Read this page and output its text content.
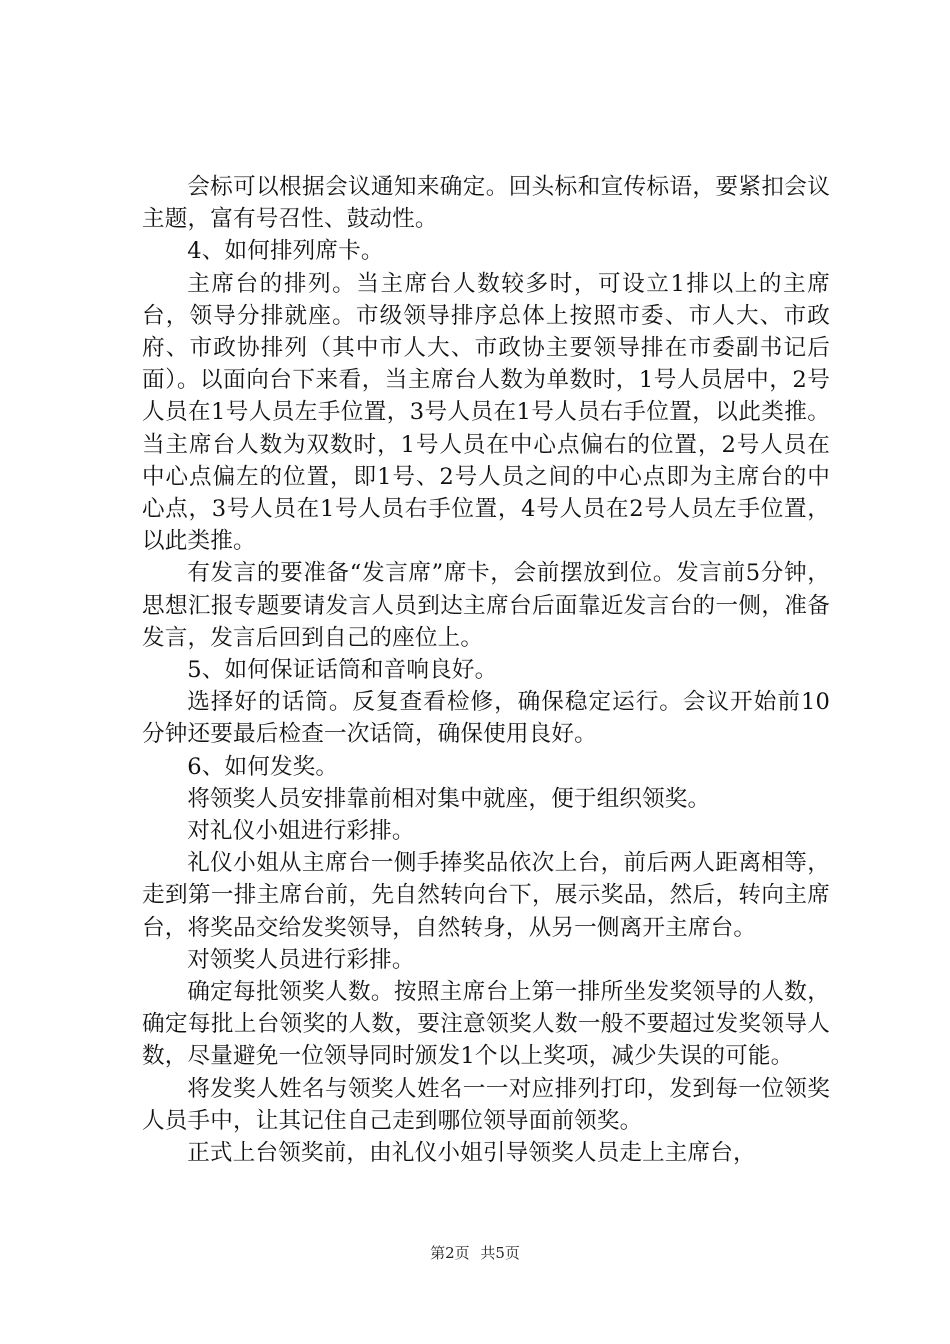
会标可以根据会议通知来确定。回头标和宣传标语，要紧扣会议主题，富有号召性、鼓动性。

4、如何排列席卡。

主席台的排列。当主席台人数较多时，可设立1排以上的主席台，领导分排就座。市级领导排序总体上按照市委、市人大、市政府、市政协排列（其中市人大、市政协主要领导排在市委副书记后面）。以面向台下来看，当主席台人数为单数时，1号人员居中，2号人员在1号人员左手位置，3号人员在1号人员右手位置，以此类推。当主席台人数为双数时，1号人员在中心点偏右的位置，2号人员在中心点偏左的位置，即1号、2号人员之间的中心点即为主席台的中心点，3号人员在1号人员右手位置，4号人员在2号人员左手位置，以此类推。

有发言的要准备“发言席”席卡，会前摆放到位。发言前5分钟，思想汇报专题要请发言人员到达主席台后面靠近发言台的一侧，准备发言，发言后回到自己的座位上。

5、如何保证话筒和音响良好。

选择好的话筒。反复查看检修，确保稳定运行。会议开始前10分钟还要最后检查一次话筒，确保使用良好。

6、如何发奖。

将领奖人员安排靠前相对集中就座，便于组织领奖。

对礼仪小姐进行彩排。

礼仪小姐从主席台一侧手捧奖品依次上台，前后两人距离相等，走到第一排主席台前，先自然转向台下，展示奖品，然后，转向主席台，将奖品交给发奖领导，自然转身，从另一侧离开主席台。

对领奖人员进行彩排。

确定每批领奖人数。按照主席台上第一排所坐发奖领导的人数，确定每批上台领奖的人数，要注意领奖人数一般不要超过发奖领导人数，尽量避免一位领导同时颁发1个以上奖项，减少失误的可能。

将发奖人姓名与领奖人姓名一一对应排列打印，发到每一位领奖人员手中，让其记住自己走到哪位领导面前领奖。

正式上台领奖前，由礼仪小姐引导领奖人员走上主席台，

第2页 共5页
